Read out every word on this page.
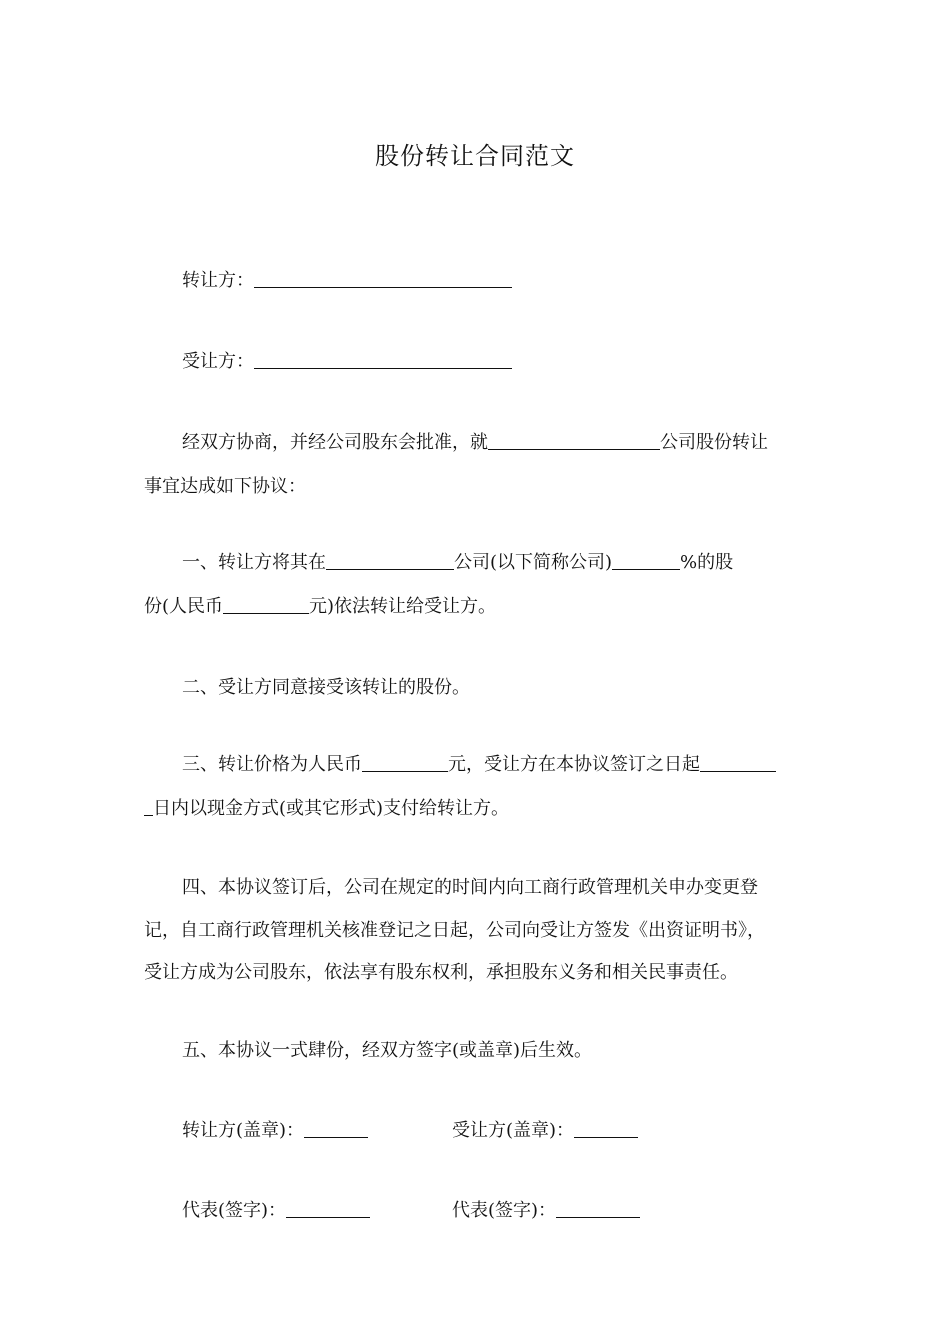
股份转让合同范文
转让方：
受让方：
经双方协商，并经公司股东会批准，就	公司股份转让
事宜达成如下协议：
一、转让方将其在	公司(以下简称公司)	%的股
份(人民币	元)依法转让给受让方。
二、受让方同意接受该转让的股份。
三、转让价格为人民币	元，受让方在本协议签订之日起
日内以现金方式(或其它形式)支付给转让方。
四、本协议签订后，公司在规定的时间内向工商行政管理机关申办变更登
记，自工商行政管理机关核准登记之日起，公司向受让方签发《出资证明书》，
受让方成为公司股东，依法享有股东权利，承担股东义务和相关民事责任。
五、本协议一式肆份，经双方签字(或盖章)后生效。
转让方(盖章)：	受让方(盖章)：
代表(签字)：	代表(签字)：
